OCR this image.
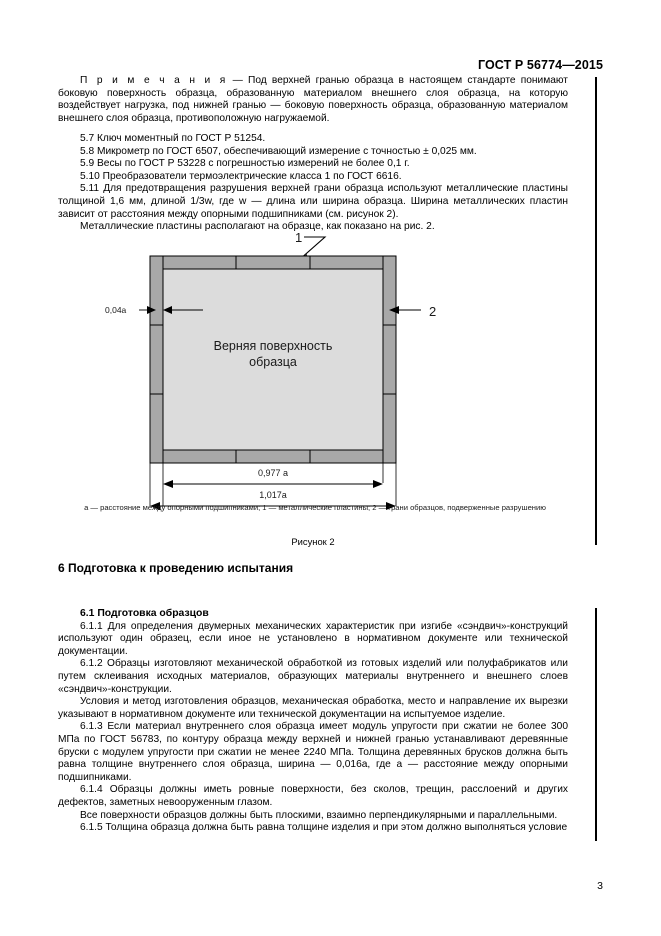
ГОСТ Р 56774—2015

П р и м е ч а н и я — Под верхней гранью образца в настоящем стандарте понимают боковую поверхность образца, образованную материалом внешнего слоя образца, на которую воздействует нагрузка, под нижней гранью — боковую поверхность образца, образованную материалом внешнего слоя образца, противоположную нагружаемой.

5.7 Ключ моментный по ГОСТ Р 51254.

5.8 Микрометр по ГОСТ 6507, обеспечивающий измерение с точностью ± 0,025 мм.

5.9 Весы по ГОСТ Р 53228 с погрешностью измерений не более 0,1 г.

5.10 Преобразователи термоэлектрические класса 1 по ГОСТ 6616.

5.11 Для предотвращения разрушения верхней грани образца используют металлические пластины толщиной 1,6 мм, длиной 1/3w, где w — длина или ширина образца. Ширина металлических пластин зависит от расстояния между опорными подшипниками (см. рисунок 2).

Металлические пластины располагают на образце, как показано на рис. 2.

1
Верняя поверхность
образца
0,04а	2
0,977 а
1,017а
а — расстояние между опорными подшипниками; 1 — металлические пластины; 2 — грани образцов, подверженные разрушению
Рисунок 2
6 Подготовка к проведению испытания

6.1 Подготовка образцов

6.1.1 Для определения двумерных механических характеристик при изгибе «сэндвич»-конструкций используют один образец, если иное не установлено в нормативном документе или технической документации.

6.1.2 Образцы изготовляют механической обработкой из готовых изделий или полуфабрикатов или путем склеивания исходных материалов, образующих материалы внутреннего и внешнего слоев «сэндвич»-конструкции.

Условия и метод изготовления образцов, механическая обработка, место и направление их вырезки указывают в нормативном документе или технической документации на испытуемое изделие.

6.1.3 Если материал внутреннего слоя образца имеет модуль упругости при сжатии не более 300 МПа по ГОСТ 56783, по контуру образца между верхней и нижней гранью устанавливают деревянные бруски с модулем упругости при сжатии не менее 2240 МПа. Толщина деревянных брусков должна быть равна толщине внутреннего слоя образца, ширина — 0,016а, где а — расстояние между опорными подшипниками.

6.1.4 Образцы должны иметь ровные поверхности, без сколов, трещин, расслоений и других дефектов, заметных невооруженным глазом.

Все поверхности образцов должны быть плоскими, взаимно перпендикулярными и параллельными.

6.1.5 Толщина образца должна быть равна толщине изделия и при этом должно выполняться условие

3
